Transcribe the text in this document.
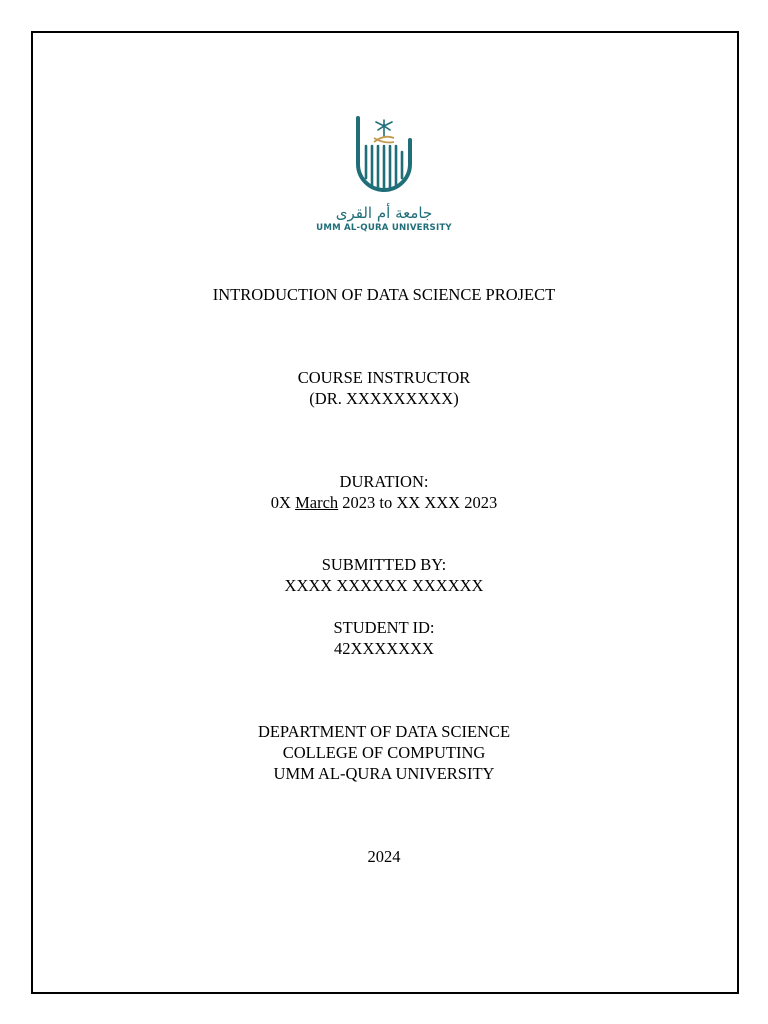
جامعة أم القرى
UMM AL-QURA UNIVERSITY
INTRODUCTION OF DATA SCIENCE PROJECT
COURSE INSTRUCTOR
(DR. XXXXXXXXX)
DURATION:
0X March 2023 to XX XXX 2023
SUBMITTED BY:
XXXX XXXXXX XXXXXX
STUDENT ID:
42XXXXXXX
DEPARTMENT OF DATA SCIENCE
COLLEGE OF COMPUTING
UMM AL-QURA UNIVERSITY
2024
